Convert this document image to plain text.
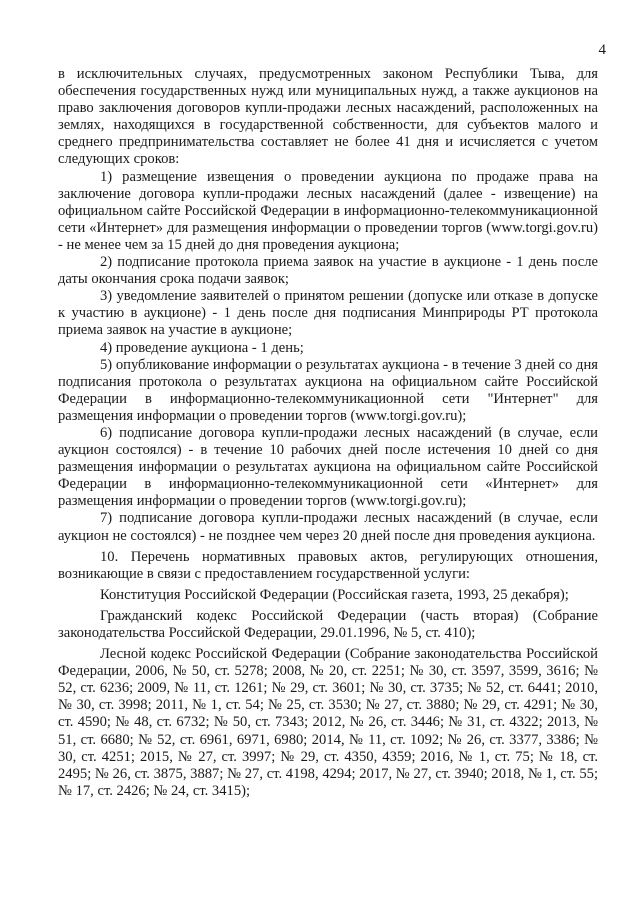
4

в исключительных случаях, предусмотренных законом Республики Тыва, для обеспечения государственных нужд или муниципальных нужд, а также аукционов на право заключения договоров купли-продажи лесных насаждений, расположенных на землях, находящихся в государственной собственности, для субъектов малого и среднего предпринимательства составляет не более 41 дня и исчисляется с учетом следующих сроков:

1) размещение извещения о проведении аукциона по продаже права на заключение договора купли-продажи лесных насаждений (далее - извещение) на официальном сайте Российской Федерации в информационно-телекоммуникационной сети «Интернет» для размещения информации о проведении торгов (www.torgi.gov.ru) - не менее чем за 15 дней до дня проведения аукциона;

2) подписание протокола приема заявок на участие в аукционе - 1 день после даты окончания срока подачи заявок;

3) уведомление заявителей о принятом решении (допуске или отказе в допуске к участию в аукционе) - 1 день после дня подписания Минприроды РТ протокола приема заявок на участие в аукционе;

4) проведение аукциона - 1 день;

5) опубликование информации о результатах аукциона - в течение 3 дней со дня подписания протокола о результатах аукциона на официальном сайте Российской Федерации в информационно-телекоммуникационной сети "Интернет" для размещения информации о проведении торгов (www.torgi.gov.ru);

6) подписание договора купли-продажи лесных насаждений (в случае, если аукцион состоялся) - в течение 10 рабочих дней после истечения 10 дней со дня размещения информации о результатах аукциона на официальном сайте Российской Федерации в информационно-телекоммуникационной сети «Интернет» для размещения информации о проведении торгов (www.torgi.gov.ru);

7) подписание договора купли-продажи лесных насаждений (в случае, если аукцион не состоялся) - не позднее чем через 20 дней после дня проведения аукциона.

10. Перечень нормативных правовых актов, регулирующих отношения, возникающие в связи с предоставлением государственной услуги:

Конституция Российской Федерации (Российская газета, 1993, 25 декабря);

Гражданский кодекс Российской Федерации (часть вторая) (Собрание законодательства Российской Федерации, 29.01.1996, № 5, ст. 410);

Лесной кодекс Российской Федерации (Собрание законодательства Российской Федерации, 2006, № 50, ст. 5278; 2008, № 20, ст. 2251; № 30, ст. 3597, 3599, 3616; № 52, ст. 6236; 2009, № 11, ст. 1261; № 29, ст. 3601; № 30, ст. 3735; № 52, ст. 6441; 2010, № 30, ст. 3998; 2011, № 1, ст. 54; № 25, ст. 3530; № 27, ст. 3880; № 29, ст. 4291; № 30, ст. 4590; № 48, ст. 6732; № 50, ст. 7343; 2012, № 26, ст. 3446; № 31, ст. 4322; 2013, № 51, ст. 6680; № 52, ст. 6961, 6971, 6980; 2014, № 11, ст. 1092; № 26, ст. 3377, 3386; № 30, ст. 4251; 2015, № 27, ст. 3997; № 29, ст. 4350, 4359; 2016, № 1, ст. 75; № 18, ст. 2495; № 26, ст. 3875, 3887; № 27, ст. 4198, 4294; 2017, № 27, ст. 3940; 2018, № 1, ст. 55; № 17, ст. 2426; № 24, ст. 3415);
